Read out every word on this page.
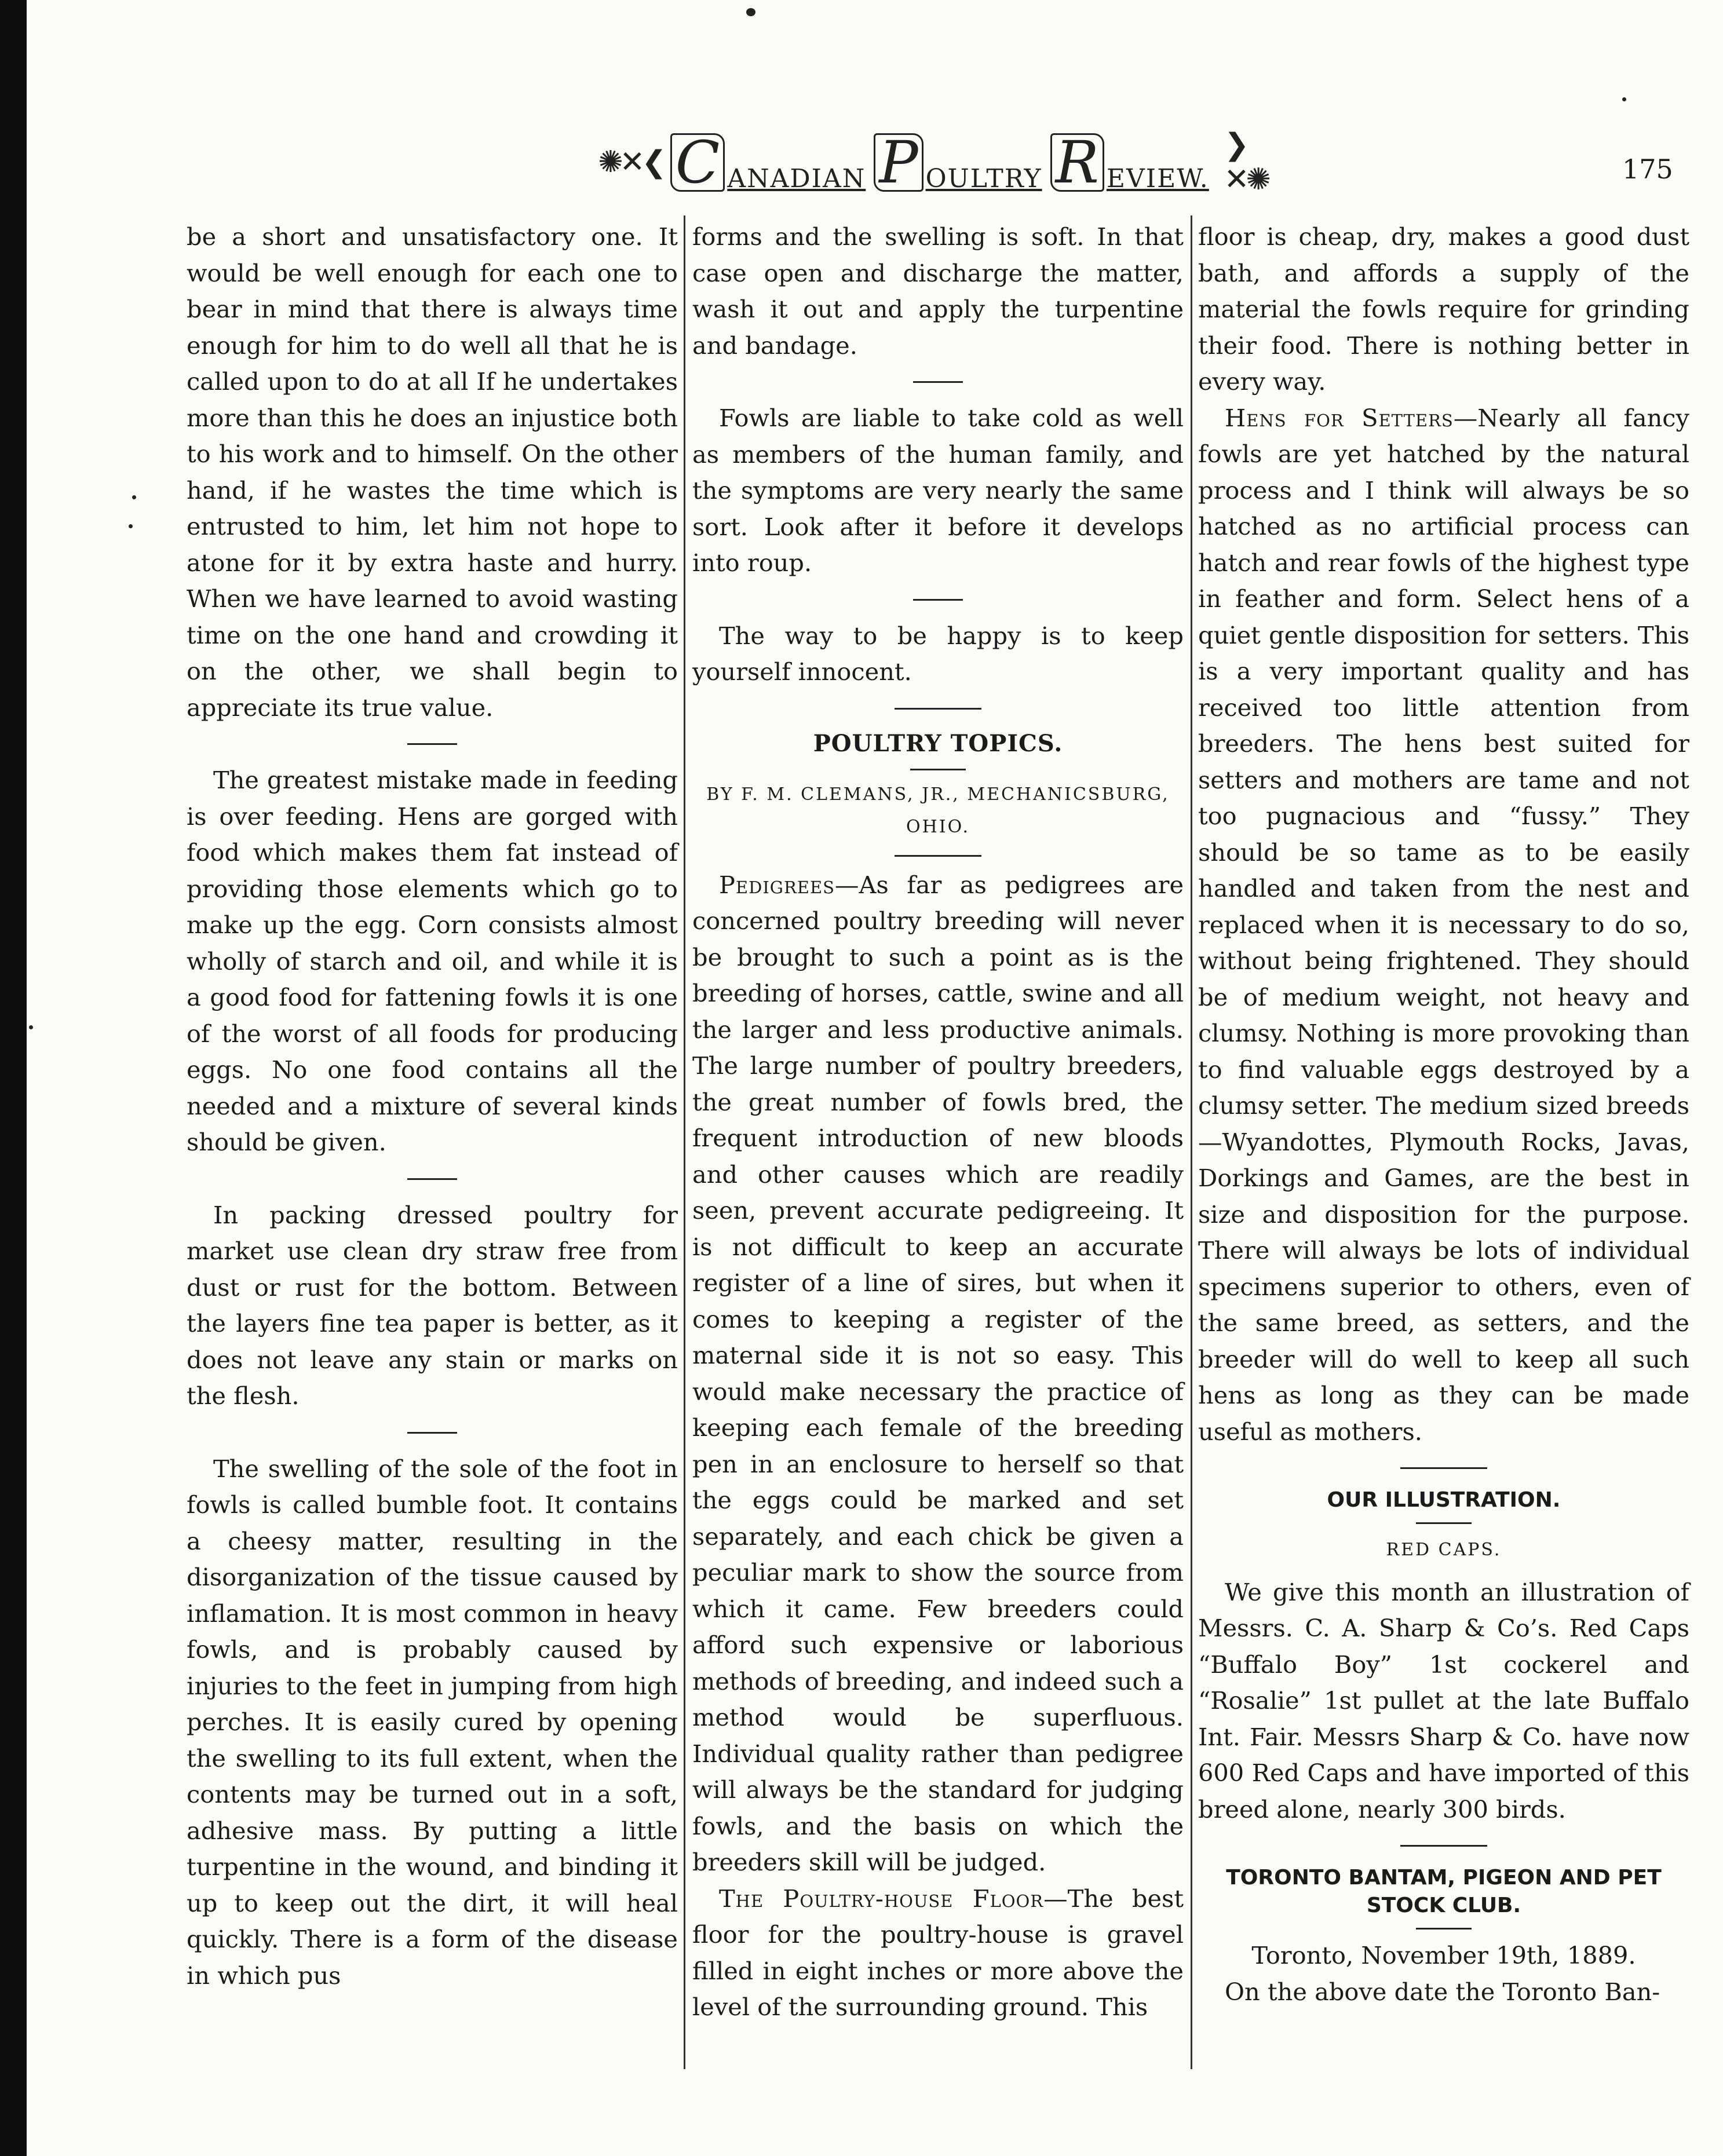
✺✕❮ C ANADIAN P OULTRY R EVIEW.
❯✕✺	175

be a short and unsatisfactory one. It would be well enough for each one to bear in mind that there is always time enough for him to do well all that he is called upon to do at all If he undertakes more than this he does an injustice both to his work and to himself. On the other hand, if he wastes the time which is entrusted to him, let him not hope to atone for it by extra haste and hurry. When we have learned to avoid wasting time on the one hand and crowding it on the other, we shall begin to appreciate its true value.

The greatest mistake made in feeding is over feeding. Hens are gorged with food which makes them fat instead of providing those elements which go to make up the egg. Corn consists almost wholly of starch and oil, and while it is a good food for fattening fowls it is one of the worst of all foods for producing eggs. No one food contains all the needed and a mixture of several kinds should be given.

In packing dressed poultry for market use clean dry straw free from dust or rust for the bottom. Between the layers fine tea paper is better, as it does not leave any stain or marks on the flesh.

The swelling of the sole of the foot in fowls is called bumble foot. It contains a cheesy matter, resulting in the disorganization of the tissue caused by inflamation. It is most common in heavy fowls, and is probably caused by injuries to the feet in jumping from high perches. It is easily cured by opening the swelling to its full extent, when the contents may be turned out in a soft, adhesive mass. By putting a little turpentine in the wound, and binding it up to keep out the dirt, it will heal quickly. There is a form of the disease in which pus

forms and the swelling is soft. In that case open and discharge the matter, wash it out and apply the turpentine and bandage.

Fowls are liable to take cold as well as members of the human family, and the symptoms are very nearly the same sort. Look after it before it develops into roup.

The way to be happy is to keep yourself innocent.

POULTRY TOPICS.
BY F. M. CLEMANS, JR., MECHANICSBURG, OHIO.

Pedigrees—As far as pedigrees are concerned poultry breeding will never be brought to such a point as is the breeding of horses, cattle, swine and all the larger and less productive animals. The large number of poultry breeders, the great number of fowls bred, the frequent introduction of new bloods and other causes which are readily seen, prevent accurate pedigreeing. It is not difficult to keep an accurate register of a line of sires, but when it comes to keeping a register of the maternal side it is not so easy. This would make necessary the practice of keeping each female of the breeding pen in an enclosure to herself so that the eggs could be marked and set separately, and each chick be given a peculiar mark to show the source from which it came. Few breeders could afford such expensive or laborious methods of breeding, and indeed such a method would be superfluous. Individual quality rather than pedigree will always be the standard for judging fowls, and the basis on which the breeders skill will be judged.

The Poultry-house Floor—The best floor for the poultry-house is gravel filled in eight inches or more above the level of the surrounding ground. This

floor is cheap, dry, makes a good dust bath, and affords a supply of the material the fowls require for grinding their food. There is nothing better in every way.

Hens for Setters—Nearly all fancy fowls are yet hatched by the natural process and I think will always be so hatched as no artificial process can hatch and rear fowls of the highest type in feather and form. Select hens of a quiet gentle disposition for setters. This is a very important quality and has received too little attention from breeders. The hens best suited for setters and mothers are tame and not too pugnacious and “fussy.” They should be so tame as to be easily handled and taken from the nest and replaced when it is necessary to do so, without being frightened. They should be of medium weight, not heavy and clumsy. Nothing is more provoking than to find valuable eggs destroyed by a clumsy setter. The medium sized breeds—Wyandottes, Plymouth Rocks, Javas, Dorkings and Games, are the best in size and disposition for the purpose. There will always be lots of individual specimens superior to others, even of the same breed, as setters, and the breeder will do well to keep all such hens as long as they can be made useful as mothers.

OUR ILLUSTRATION.
RED CAPS.

We give this month an illustration of Messrs. C. A. Sharp & Co’s. Red Caps “Buffalo Boy” 1st cockerel and “Rosalie” 1st pullet at the late Buffalo Int. Fair. Messrs Sharp & Co. have now 600 Red Caps and have imported of this breed alone, nearly 300 birds.

TORONTO BANTAM, PIGEON AND PET STOCK CLUB.

Toronto, November 19th, 1889.

On the above date the Toronto Ban-
